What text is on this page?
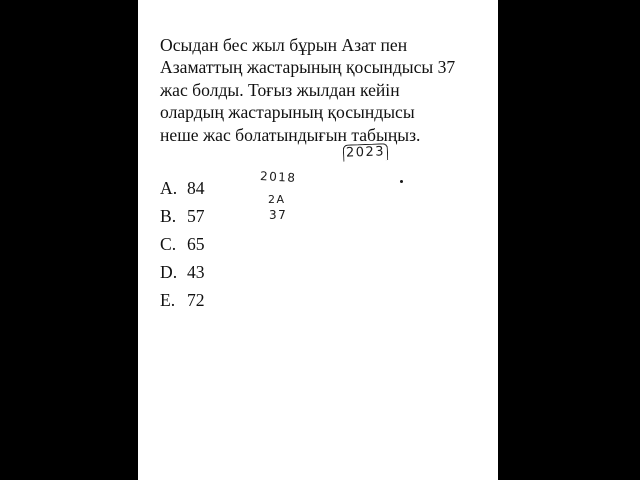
Осыдан бес жыл бұрын Азат пен
Азаматтың жастарының қосындысы 37
жас болды. Тоғыз жылдан кейін
олардың жастарының қосындысы
неше жас болатындығын табыңыз.

A. 84
B. 57
C. 65
D. 43
E. 72
2023
2018
2A
37
